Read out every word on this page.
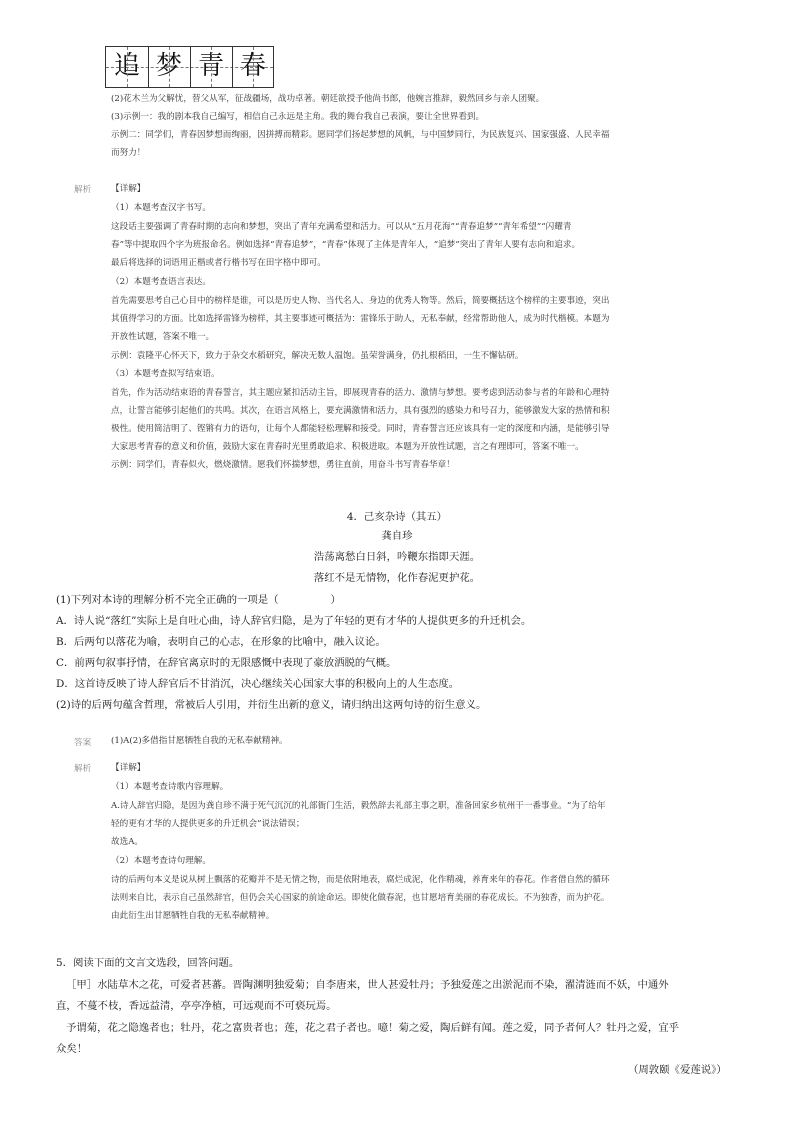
追 梦 青 春
(2)花木兰为父解忧，替父从军，征战疆场，战功卓著。朝廷欲授予他尚书郎，他婉言推辞，毅然回乡与亲人团聚。
(3)示例一：我的剧本我自己编写，相信自己永远是主角。我的舞台我自己表演，要让全世界看到。
示例二：同学们，青春因梦想而绚丽，因拼搏而精彩。愿同学们扬起梦想的风帆，与中国梦同行，为民族复兴、国家强盛、人民幸福
而努力！
解析 【详解】
（1）本题考查汉字书写。
这段话主要强调了青春时期的志向和梦想，突出了青年充满希望和活力。可以从“五月花海”“青春追梦”“青年希望”“闪耀青
春”等中提取四个字为班报命名。例如选择“青春追梦”，“青春”体现了主体是青年人，“追梦”突出了青年人要有志向和追求。
最后将选择的词语用正楷或者行楷书写在田字格中即可。
（2）本题考查语言表达。
首先需要思考自己心目中的榜样是谁，可以是历史人物、当代名人、身边的优秀人物等。然后，简要概括这个榜样的主要事迹，突出
其值得学习的方面。比如选择雷锋为榜样，其主要事迹可概括为：雷锋乐于助人，无私奉献，经常帮助他人，成为时代楷模。本题为
开放性试题，答案不唯一。
示例：袁隆平心怀天下，致力于杂交水稻研究，解决无数人温饱。虽荣誉满身，仍扎根稻田，一生不懈钻研。
（3）本题考查拟写结束语。
首先，作为活动结束语的青春誓言，其主题应紧扣活动主旨，即展现青春的活力、激情与梦想。要考虑到活动参与者的年龄和心理特
点，让誓言能够引起他们的共鸣。其次，在语言风格上，要充满激情和活力，具有强烈的感染力和号召力，能够激发大家的热情和积
极性。使用简洁明了、铿锵有力的语句，让每个人都能轻松理解和接受。同时，青春誓言还应该具有一定的深度和内涵，是能够引导
大家思考青春的意义和价值，鼓励大家在青春时光里勇敢追求、积极进取。本题为开放性试题，言之有理即可，答案不唯一。
示例：同学们，青春似火，燃烧激情。愿我们怀揣梦想，勇往直前，用奋斗书写青春华章！
4．己亥杂诗（其五）
龚自珍
浩荡离愁白日斜，吟鞭东指即天涯。
落红不是无情物，化作春泥更护花。
(1)下列对本诗的理解分析不完全正确的一项是（　　　　　）
A．诗人说“落红”实际上是自吐心曲，诗人辞官归隐，是为了年轻的更有才华的人提供更多的升迁机会。
B．后两句以落花为喻，表明自己的心志，在形象的比喻中，融入议论。
C．前两句叙事抒情，在辞官离京时的无限感慨中表现了豪放洒脱的气概。
D．这首诗反映了诗人辞官后不甘消沉，决心继续关心国家大事的积极向上的人生态度。
(2)诗的后两句蕴含哲理，常被后人引用，并衍生出新的意义，请归纳出这两句诗的衍生意义。
答案 (1)A(2)多借指甘愿牺牲自我的无私奉献精神。
解析 【详解】
（1）本题考查诗歌内容理解。
A.诗人辞官归隐，是因为龚自珍不满于死气沉沉的礼部衙门生活，毅然辞去礼部主事之职，准备回家乡杭州干一番事业。“为了给年
轻的更有才华的人提供更多的升迁机会”说法错误；
故选A。
（2）本题考查诗句理解。
诗的后两句本义是说从树上飘落的花瓣并不是无情之物，而是依附地表，腐烂成泥，化作精魂，养育来年的春花。作者借自然的循环
法则来自比，表示自己虽然辞官，但仍会关心国家的前途命运。即使化做春泥，也甘愿培育美丽的春花成长。不为独香，而为护花。
由此衍生出甘愿牺牲自我的无私奉献精神。
5．阅读下面的文言文选段，回答问题。
［甲］水陆草木之花，可爱者甚蕃。晋陶渊明独爱菊；自李唐来，世人甚爱牡丹；予独爱莲之出淤泥而不染，濯清涟而不妖，中通外
直，不蔓不枝，香远益清，亭亭净植，可远观而不可亵玩焉。
予谓菊，花之隐逸者也；牡丹，花之富贵者也；莲，花之君子者也。噫！菊之爱，陶后鲜有闻。莲之爱，同予者何人？牡丹之爱，宜乎
众矣！
（周敦颐《爱莲说》）
